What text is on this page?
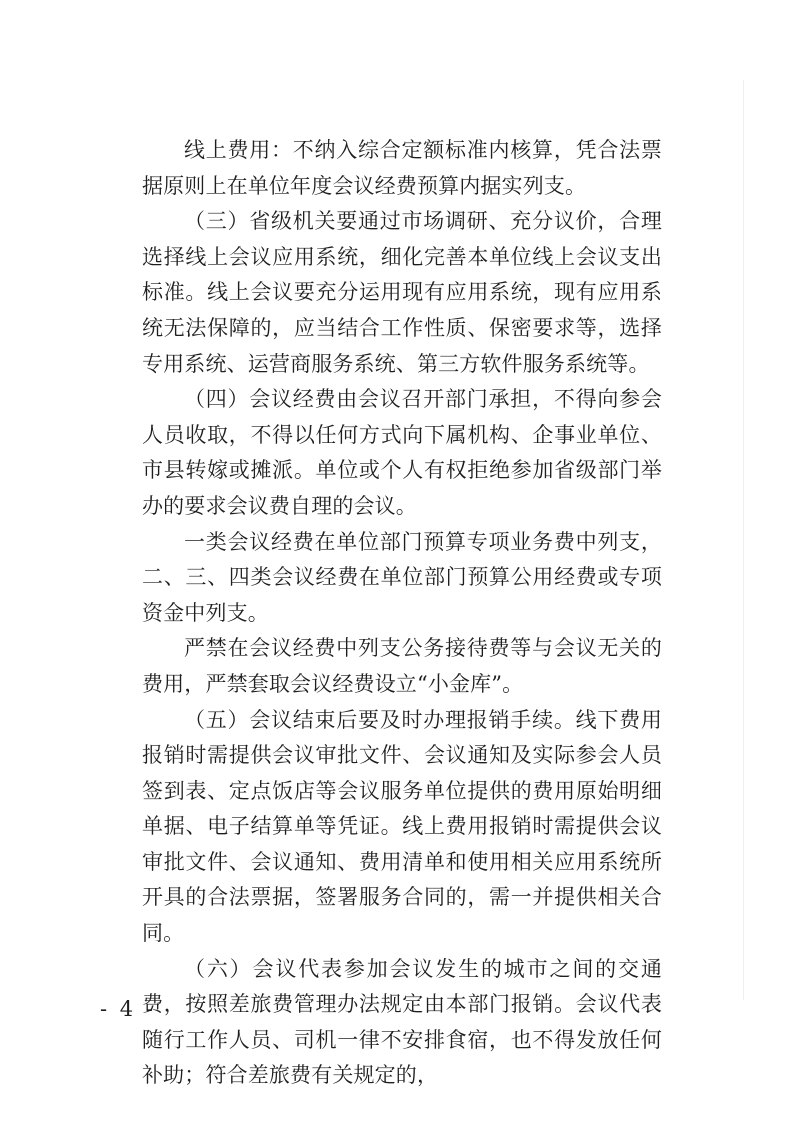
线上费用：不纳入综合定额标准内核算，凭合法票据原则上在单位年度会议经费预算内据实列支。

（三）省级机关要通过市场调研、充分议价，合理选择线上会议应用系统，细化完善本单位线上会议支出标准。线上会议要充分运用现有应用系统，现有应用系统无法保障的，应当结合工作性质、保密要求等，选择专用系统、运营商服务系统、第三方软件服务系统等。

（四）会议经费由会议召开部门承担，不得向参会人员收取，不得以任何方式向下属机构、企事业单位、市县转嫁或摊派。单位或个人有权拒绝参加省级部门举办的要求会议费自理的会议。

一类会议经费在单位部门预算专项业务费中列支，二、三、四类会议经费在单位部门预算公用经费或专项资金中列支。

严禁在会议经费中列支公务接待费等与会议无关的费用，严禁套取会议经费设立“小金库”。

（五）会议结束后要及时办理报销手续。线下费用报销时需提供会议审批文件、会议通知及实际参会人员签到表、定点饭店等会议服务单位提供的费用原始明细单据、电子结算单等凭证。线上费用报销时需提供会议审批文件、会议通知、费用清单和使用相关应用系统所开具的合法票据，签署服务合同的，需一并提供相关合同。

（六）会议代表参加会议发生的城市之间的交通费，按照差旅费管理办法规定由本部门报销。会议代表随行工作人员、司机一律不安排食宿，也不得发放任何补助；符合差旅费有关规定的，

- 4 -
